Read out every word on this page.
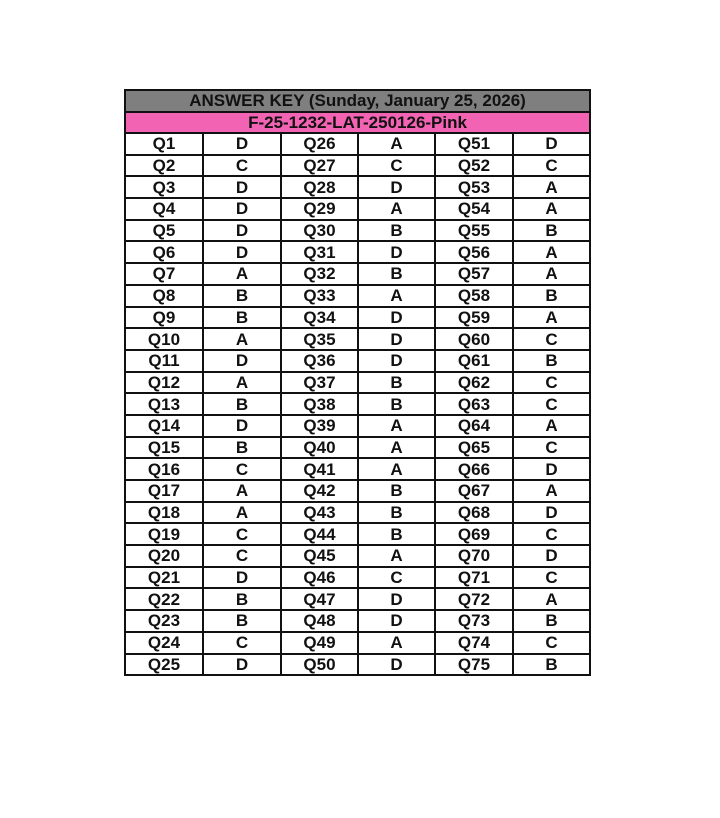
ANSWER KEY (Sunday, January 25, 2026)					
F-25-1232-LAT-250126-Pink					
Q1	D	Q26	A	Q51	D
Q2	C	Q27	C	Q52	C
Q3	D	Q28	D	Q53	A
Q4	D	Q29	A	Q54	A
Q5	D	Q30	B	Q55	B
Q6	D	Q31	D	Q56	A
Q7	A	Q32	B	Q57	A
Q8	B	Q33	A	Q58	B
Q9	B	Q34	D	Q59	A
Q10	A	Q35	D	Q60	C
Q11	D	Q36	D	Q61	B
Q12	A	Q37	B	Q62	C
Q13	B	Q38	B	Q63	C
Q14	D	Q39	A	Q64	A
Q15	B	Q40	A	Q65	C
Q16	C	Q41	A	Q66	D
Q17	A	Q42	B	Q67	A
Q18	A	Q43	B	Q68	D
Q19	C	Q44	B	Q69	C
Q20	C	Q45	A	Q70	D
Q21	D	Q46	C	Q71	C
Q22	B	Q47	D	Q72	A
Q23	B	Q48	D	Q73	B
Q24	C	Q49	A	Q74	C
Q25	D	Q50	D	Q75	B
